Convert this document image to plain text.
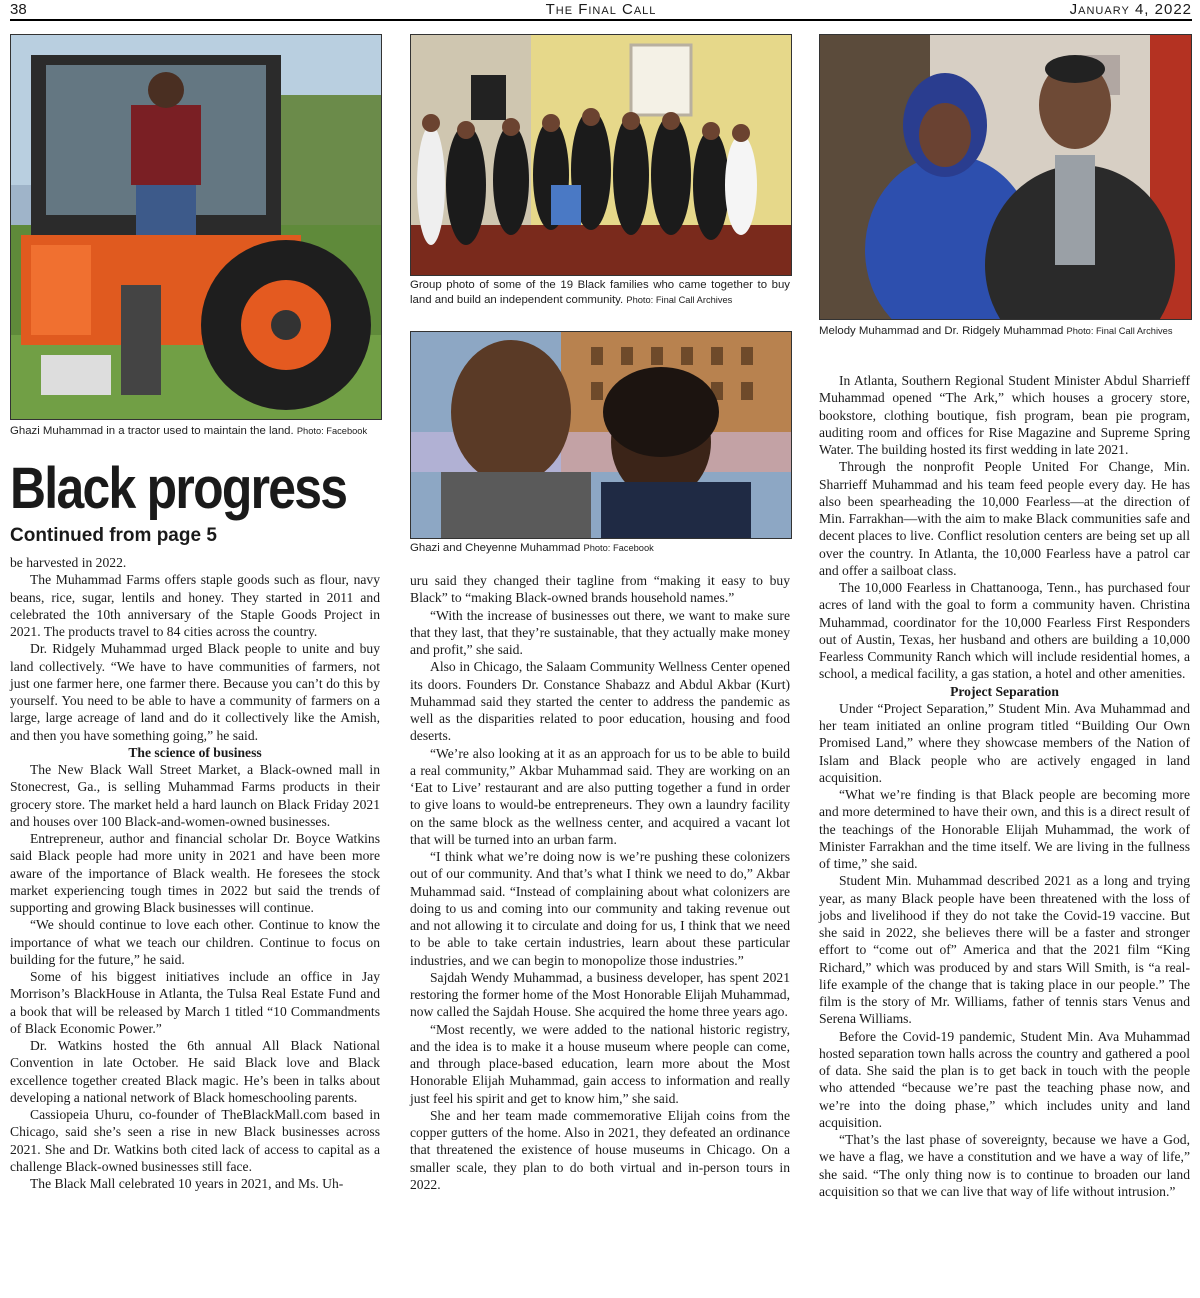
38	The Final Call	January 4, 2022
Ghazi Muhammad in a tractor used to maintain the land. Photo: Facebook
Group photo of some of the 19 Black families who came together to buy land and build an independent community. Photo: Final Call Archives
Ghazi and Cheyenne Muhammad Photo: Facebook
Melody Muhammad and Dr. Ridgely Muhammad Photo: Final Call Archives
Black progress
Continued from page 5

be harvested in 2022.

The Muhammad Farms offers staple goods such as flour, navy beans, rice, sugar, lentils and honey. They started in 2011 and celebrated the 10th anniversary of the Staple Goods Project in 2021. The products travel to 84 cities across the country.

Dr. Ridgely Muhammad urged Black people to unite and buy land collectively. “We have to have communities of farmers, not just one farmer here, one farmer there. Because you can’t do this by yourself. You need to be able to have a community of farmers on a large, large acreage of land and do it collectively like the Amish, and then you have something going,” he said.

The science of business

The New Black Wall Street Market, a Black-owned mall in Stonecrest, Ga., is selling Muhammad Farms products in their grocery store. The market held a hard launch on Black Friday 2021 and houses over 100 Black-and-women-owned businesses.

Entrepreneur, author and financial scholar Dr. Boyce Watkins said Black people had more unity in 2021 and have been more aware of the importance of Black wealth. He foresees the stock market experiencing tough times in 2022 but said the trends of supporting and growing Black businesses will continue.

“We should continue to love each other. Continue to know the importance of what we teach our children. Continue to focus on building for the future,” he said.

Some of his biggest initiatives include an office in Jay Morrison’s BlackHouse in Atlanta, the Tulsa Real Estate Fund and a book that will be released by March 1 titled “10 Commandments of Black Economic Power.”

Dr. Watkins hosted the 6th annual All Black National Convention in late October. He said Black love and Black excellence together created Black magic. He’s been in talks about developing a national network of Black homeschooling parents.

Cassiopeia Uhuru, co-founder of TheBlackMall.com based in Chicago, said she’s seen a rise in new Black businesses across 2021. She and Dr. Watkins both cited lack of access to capital as a challenge Black-owned businesses still face.

The Black Mall celebrated 10 years in 2021, and Ms. Uh-

uru said they changed their tagline from “making it easy to buy Black” to “making Black-owned brands household names.”

“With the increase of businesses out there, we want to make sure that they last, that they’re sustainable, that they actually make money and profit,” she said.

Also in Chicago, the Salaam Community Wellness Center opened its doors. Founders Dr. Constance Shabazz and Abdul Akbar (Kurt) Muhammad said they started the center to address the pandemic as well as the disparities related to poor education, housing and food deserts.

“We’re also looking at it as an approach for us to be able to build a real community,” Akbar Muhammad said. They are working on an ‘Eat to Live’ restaurant and are also putting together a fund in order to give loans to would-be entrepreneurs. They own a laundry facility on the same block as the wellness center, and acquired a vacant lot that will be turned into an urban farm.

“I think what we’re doing now is we’re pushing these colonizers out of our community. And that’s what I think we need to do,” Akbar Muhammad said. “Instead of complaining about what colonizers are doing to us and coming into our community and taking revenue out and not allowing it to circulate and doing for us, I think that we need to be able to take certain industries, learn about these particular industries, and we can begin to monopolize those industries.”

Sajdah Wendy Muhammad, a business developer, has spent 2021 restoring the former home of the Most Honorable Elijah Muhammad, now called the Sajdah House. She acquired the home three years ago.

“Most recently, we were added to the national historic registry, and the idea is to make it a house museum where people can come, and through place-based education, learn more about the Most Honorable Elijah Muhammad, gain access to information and really just feel his spirit and get to know him,” she said.

She and her team made commemorative Elijah coins from the copper gutters of the home. Also in 2021, they defeated an ordinance that threatened the existence of house museums in Chicago. On a smaller scale, they plan to do both virtual and in-person tours in 2022.

In Atlanta, Southern Regional Student Minister Abdul Sharrieff Muhammad opened “The Ark,” which houses a grocery store, bookstore, clothing boutique, fish program, bean pie program, auditing room and offices for Rise Magazine and Supreme Spring Water. The building hosted its first wedding in late 2021.

Through the nonprofit People United For Change, Min. Sharrieff Muhammad and his team feed people every day. He has also been spearheading the 10,000 Fearless—at the direction of Min. Farrakhan—with the aim to make Black communities safe and decent places to live. Conflict resolution centers are being set up all over the country. In Atlanta, the 10,000 Fearless have a patrol car and offer a sailboat class.

The 10,000 Fearless in Chattanooga, Tenn., has purchased four acres of land with the goal to form a community haven. Christina Muhammad, coordinator for the 10,000 Fearless First Responders out of Austin, Texas, her husband and others are building a 10,000 Fearless Community Ranch which will include residential homes, a school, a medical facility, a gas station, a hotel and other amenities.

Project Separation

Under “Project Separation,” Student Min. Ava Muhammad and her team initiated an online program titled “Building Our Own Promised Land,” where they showcase members of the Nation of Islam and Black people who are actively engaged in land acquisition.

“What we’re finding is that Black people are becoming more and more determined to have their own, and this is a direct result of the teachings of the Honorable Elijah Muhammad, the work of Minister Farrakhan and the time itself. We are living in the fullness of time,” she said.

Student Min. Muhammad described 2021 as a long and trying year, as many Black people have been threatened with the loss of jobs and livelihood if they do not take the Covid-19 vaccine. But she said in 2022, she believes there will be a faster and stronger effort to “come out of” America and that the 2021 film “King Richard,” which was produced by and stars Will Smith, is “a real-life example of the change that is taking place in our people.” The film is the story of Mr. Williams, father of tennis stars Venus and Serena Williams.

Before the Covid-19 pandemic, Student Min. Ava Muhammad hosted separation town halls across the country and gathered a pool of data. She said the plan is to get back in touch with the people who attended “because we’re past the teaching phase now, and we’re into the doing phase,” which includes unity and land acquisition.

“That’s the last phase of sovereignty, because we have a God, we have a flag, we have a constitution and we have a way of life,” she said. “The only thing now is to continue to broaden our land acquisition so that we can live that way of life without intrusion.”
